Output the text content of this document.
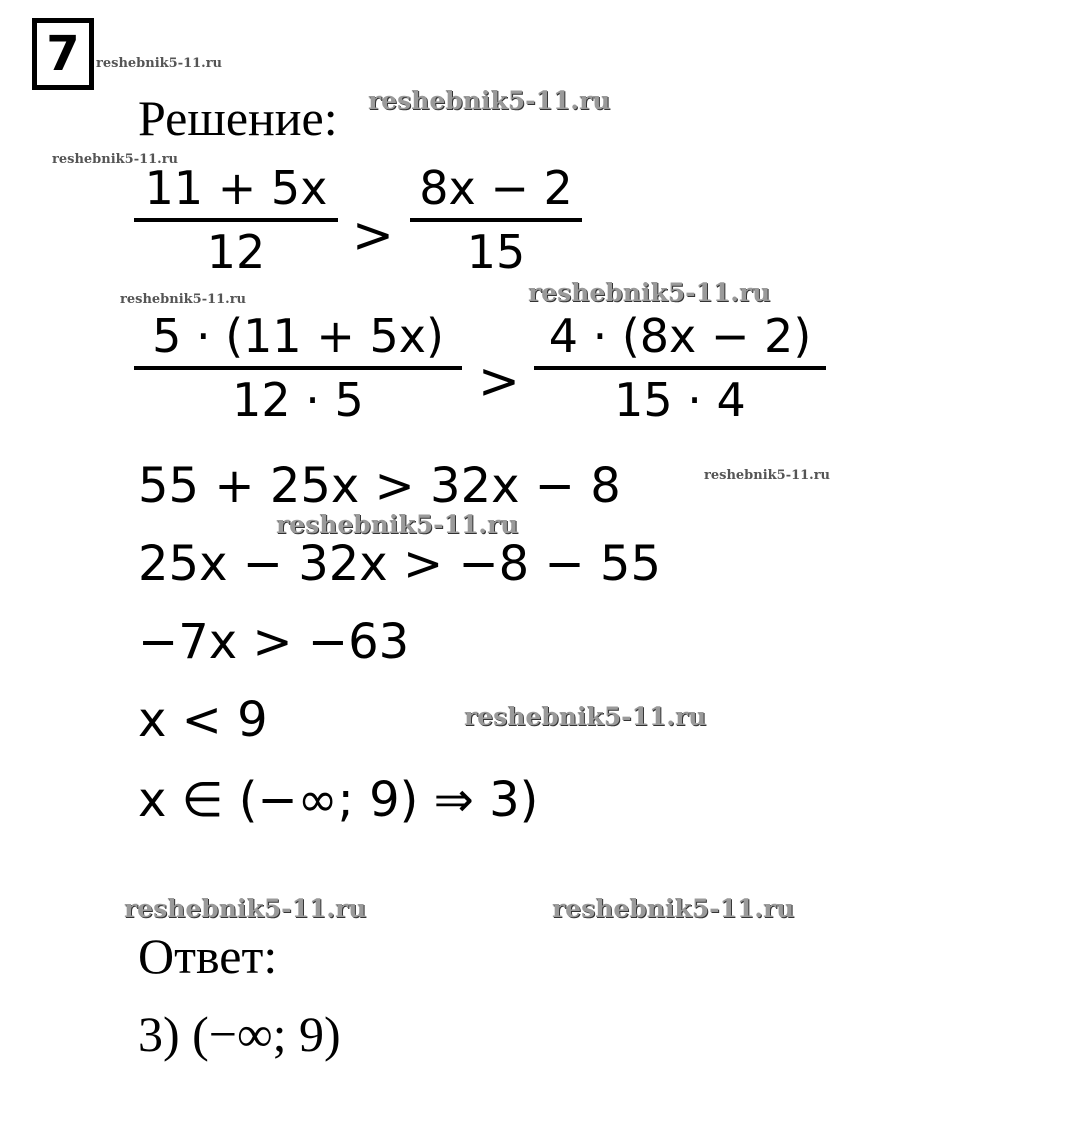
7	reshebnik5-11.ru
reshebnik5-11.ru
reshebnik5-11.ru
reshebnik5-11.ru	reshebnik5-11.ru
reshebnik5-11.ru
reshebnik5-11.ru
reshebnik5-11.ru
reshebnik5-11.ru	reshebnik5-11.ru
Решение:
11 + 5x
12 >
8x − 2
15
5 · (11 + 5x)
12 · 5 >
4 · (8x − 2)
15 · 4
55 + 25x > 32x − 8
25x − 32x > −8 − 55
−7x > −63
x < 9
x ∈ (−∞; 9) ⇒ 3)
Ответ:
3) (−∞; 9)
